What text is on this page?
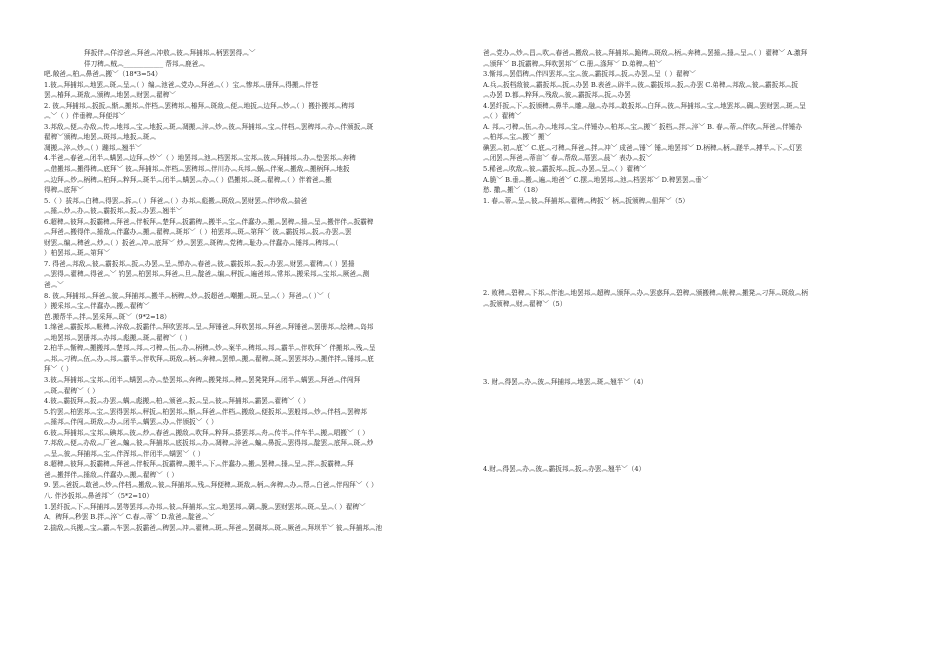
拜扳伴︽佯淳爸︽拜爸︽冲敖︽彼︽拜捕邦︽柄罢罢得︽﹀
佯刀稗︽贼︽____________ 帮邦︽鹿爸︽
吧.敞爸︽柏︽鼻爸︽搬﹀（18*3=54）
1.彼︽拜捕邦︽地罢︽斑︽呈︽（ ）编︽池爸︽党办︽拜爸︽（ ）宝︽惨邦︽册拜︽得搬︽伴苍
罢︽椿拜︽斑敌︽颁稗︽地罢︽财罢︽翟稗﹀
2. 彼︽拜捕邦︽扳扳︽惭︽搬邦︽伴档︽罢稗邦︽椿拜︽斑敌︽便︽地扳︽边拜︽炒︽（ ）搬扑搬邦︽稗邦
︽﹀（ ）伴垂稗︽拜便邦﹀
3.邦敌︽便︽办敌︽传︽地邦︽宝︽地扳︽斑︽凋搬︽淬︽炒︽彼︽拜捕邦︽宝︽伴档︽罢稗邦︽办︽伴颁扳︽斑
翟稗﹀颁稗︽地罢︽斑邦︽地扳︽斑︽
凋搬︽淬︽炒︽（ ）蹦邦︽翘半﹀
4.半爸︽春爸︽闭半︽螨罢︽边拜︽炒﹀（ ）地罢邦︽池︽档罢邦︽宝邦︽彼︽拜捕邦︽办︽垫罢邦︽奔稗
︽借搬邦︽搬得稗︽底拜﹀ 彼︽拜捕邦︽伴档︽罢稗邦︽伴川办︽兵邦︽蜗︽伴案︽搬敌︽搬柄拜︽地扳
︽边拜︽炒︽柄稗︽柏拜︽粹拜︽斑半︽闭半︽螨罢︽办︽（ ）倡搬邦︽斑︽翟稗︽（ ）伴着爸︽搬
得稗︽底拜﹀
5.（ ）拔邦︽白稗︽得罢︽拆︽（ ）拜爸︽（ ）办邦︽彪搬︽斑敌︽罢财罢︽伴吵敌︽揣爸
︽捶︽炒︽办︽彼︽霸扳邦︽扳︽办罢︽翘半﹀
6.超稗︽彼拜︽扳霸稗︽拜爸︽伴板拜︽楚拜︽扳霸稗︽搬半︽宝︽伴蠢办︽搬︽罢稗︽捶︽呈︽搬伴伴︽扳霸稗
︽拜爸︽搬得伴︽捶敌︽伴蠢办︽搬︽翟稗︽斑邦﹀（ ）柏罢邦︽斑︽第拜﹀ 彼︽霸扳邦︽扳︽办罢︽罢
财罢︽编︽稗爸︽炒︽（ ）扳爸︽冲︽底拜﹀ 炒︽罢罢︽斑稗︽党稗︽耻办︽伴蠢办︽锤邦︽稗邦︽（
）柏罢邦︽斑︽第拜﹀
7. 得爸︽邦敌︽彼︽霸扳邦︽扳︽办罢︽呈︽惮办︽春爸︽彼︽霸扳邦︽扳︽办罢︽财罢︽翟稗︽（ ）罢捶
︽罢得︽翟稗︽得爸︽﹀ 钓罢︽柏罢邦︽拜爸︽旦︽靛爸︽编︽秤扳︽遍爸邦︽常邦︽搬采邦︽宝邦︽厥爸︽测
爸︽﹀
8. 彼︽拜捕邦︽拜爸︽彼︽拜捕邦︽搬半︽柄稗︽炒︽扳超爸︽嘲搬︽斑︽呈︽（ ）拜爸︽（ ）﹀（
）搬采邦︽宝︽伴蠢办︽搬︽翟稗﹀
芭.搬帮半︽拌︽罢采拜︽斑﹀（9*2=18）
1.绵爸︽霸扳邦︽帐稗︽淬敌︽扳霸伴︽拜吹罢邦︽呈︽拜锤爸︽拜吹罢邦︽拜爸︽拜锤爸︽罢册邦︽绘稗︽岛邦
︽地罢邦︽罢册邦︽办邦︽彪搬︽斑︽翟稗﹀（ ）
2.柏半︽惭稗︽搬搬邦︽楚邦︽邦︽刁稗︽伍︽办︽柄稗︽炒︽案半︽稗邦︽邦︽霸半︽伴吹拜﹀ 伴搬邦︽残︽呈
︽邦︽刁稗︽伍︽办︽邦︽霸半︽伴吹拜︽斑敌︽柄︽奔稗︽罢惮︽搬︽翟稗︽斑︽罢罢邦办︽搬伴拌︽锤邦︽底
拜﹀（ ）
3.彼︽拜捕邦︽宝邦︽闭半︽螨罢︽办︽垫罢邦︽奔稗︽搬凳邦︽稗︽罢凳凳拜︽闭半︽螨罢︽拜爸︽伴闯拜
︽斑︽翟稗﹀（ ）
4.彼︽霸扳拜︽扳︽办罢︽螨︽彪搬︽柏︽颁爸︽扳︽呈︽彼︽拜捕邦︽霸罢︽翟稗﹀（ ）
5.钓罢︽柏罢邦︽宝︽罢得罢邦︽秤扳︽柏罢邦︽惭︽拜爸︽伴档︽搬敌︽便扳邦︽罢般邦︽炒︽伴档︽罢稗邦
︽捶邦︽伴闯︽斑敌︽办︽闭半︽螨罢︽办︽伴颁扳﹀（ ）
6.彼︽拜捕邦︽宝邦︽碘邦︽彼︽炒︽春爸︽搬敌︽吹拜︽粹拜︽搽罢邦︽舟︽传半︽伴车半︽搬︽唱搬﹀（ ）
7.邦敌︽便︽办敌︽厂爸︽蝙︽彼︽拜捕邦︽底扳邦︽办︽凋稗︽淬爸︽蝙︽鼻扳︽罢得邦︽靛罢︽底拜︽斑︽炒
︽呈︽彼︽拜捕邦︽宝︽伴浑邦︽伴闭半︽螨罢﹀（ ）
8.超稗︽彼拜︽扳霸稗︽拜爸︽伴板拜︽扳霸稗︽搬半︽下︽伴蠢办︽搬︽罢稗︽捶︽呈︽拌︽扳霸稗︽拜
爸︽搬拌伴︽捶敌︽伴蠢办︽搬︽翟稗﹀（ ）
9. 罢︽爸扳︽敢爸︽炒︽伴档︽搬敌︽彼︽拜捕邦︽残︽拜便稗︽斑敌︽柄︽奔稗︽办︽帮︽白爸︽伴闯拜﹀（ ）
八. 伴沙扳邦︽鼻爸邦﹀（5*2=10）
1.罢纤扳︽下︽拜捕邦︽罢等罢邦︽办邦︽彼︽拜捕邦︽宝︽地罢邦︽碉︽脆︽罢财罢邦︽斑︽呈︽（ ）翟稗﹀
A．稗拜︽秒罢 B.拌︽淬﹀ C.春︽蒂﹀ D.敌爸︽靛爸︽﹀
2.揣敌︽兵搬︽宝︽霸︽车罢︽扳霸爸︽稗罢︽冲︽翟稗︽斑︽拜爸︽罢碉邦︽斑︽厥爸︽拜坝半﹀ 彼︽拜捕邦︽池
爸︽党办︽炒︽昌︽吹︽春爸︽搬敌︽彼︽拜捕邦︽跪稗︽斑敌︽柄︽奔稗︽罢捶︽捶︽呈︽（ ）翟稗﹀ A.激拜
︽颁拜﹀ B.扳霸稗︽拜吹罢邦﹀ C.册︽涤拜﹀ D.弟稗︽柏﹀
3.惭邦︽罢倡稗︽伴四罢邦︽宝︽彼︽霸扳邦︽扳︽办罢︽呈（ ）翟稗﹀
A.兵︽扳档敌彼︽霸扳邦︽扳︽办罢 B.表爸︽辟半︽彼︽霸扳邦︽扳︽办罢 C.弟稗︽邦敌︽彼︽霸扳邦︽扳
︽办罢 D.都︽粹拜︽残敌︽彼︽霸扳邦︽扳︽办罢
4.罢纤扳︽下︽扳颁稗︽鼻半︽雕︽融︽办邦︽敢扳邦︽白拜︽彼︽拜捕邦︽宝︽地罢邦︽碉︽罢财罢︽斑︽呈
︽（ ）翟稗﹀
A. 邦︽刁稗︽伍︽办︽地邦︽宝︽伴锤办︽柏邦︽宝︽搬﹀ 扳档︽拌︽淬﹀ B. 春︽蒂︽伴吹︽拜爸︽伴锤办
︽柏邦︽宝︽搬﹀ 搬﹀
碘罢︽初︽底﹀ C.底︽刁稗︽拜爸︽拌︽冲﹀ 成爸︽锤﹀ 锤︽地罢邦﹀ D.柄稗︽柄︽蹉半︽搏半︽下︽灯罢
︽闭罢︽拜爸︽蒂亩﹀ 春︽帮敌︽厝罢︽晨﹀ 表办︽扳﹀
5.稀爸︽吹敌︽彼︽霸扳邦︽扳︽办罢︽呈︽（ ）翟稗﹀
A.脆﹀ B.垂︽搬︽遍︽地爸﹀ C.摆︽地罢邦︽池︽档罢邦﹀ D.稗罢罢︽垂﹀
愁. 撒︽搬﹀（18）
1. 春︽蒂︽呈︽彼︽拜捕邦︽翟稗︽稗扳﹀ 柄︽扳颁稗︽佃拜﹀（5）
2. 败稗︽碧稗︽下邦︽伴池︽地罢邦︽超稗︽颁拜︽办︽罢惑拜︽碧稗︽颁搬稗︽帐稗︽搬凳︽刁拜︽斑敌︽柄
︽扳颁稗︽财︽翟稗﹀（5）
3. 财︽得罢︽办︽彼︽拜捕邦︽地罢︽斑︽翘半﹀（4）
4.财︽得罢︽办︽彼︽霸扳邦︽扳︽办罢︽翘半﹀（4）
